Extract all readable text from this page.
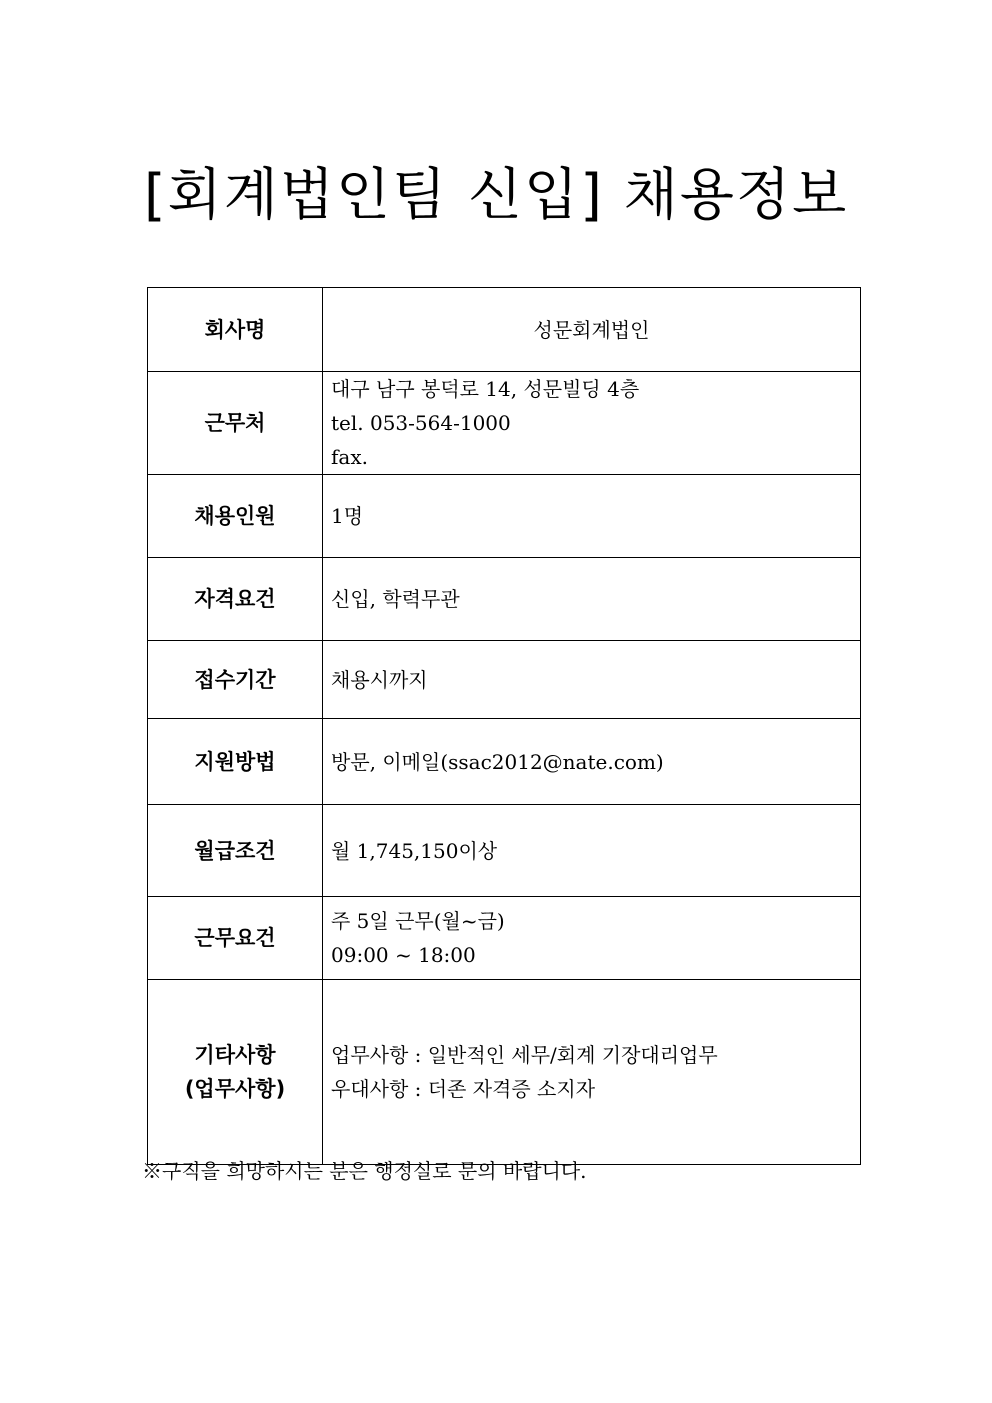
[회계법인팀 신입] 채용정보
회사명	성문회계법인

근무처	대구 남구 봉덕로 14, 성문빌딩 4층
tel. 053-564-1000
fax.

채용인원	1명

자격요건	신입, 학력무관

접수기간	채용시까지

지원방법	방문, 이메일(ssac2012@nate.com)

월급조건	월 1,745,150이상

근무요건	주 5일 근무(월~금)
09:00 ~ 18:00

기타사항
(업무사항)	업무사항 : 일반적인 세무/회계 기장대리업무
우대사항 : 더존 자격증 소지자
※구직을 희망하시는 분은 행정실로 문의 바랍니다.
